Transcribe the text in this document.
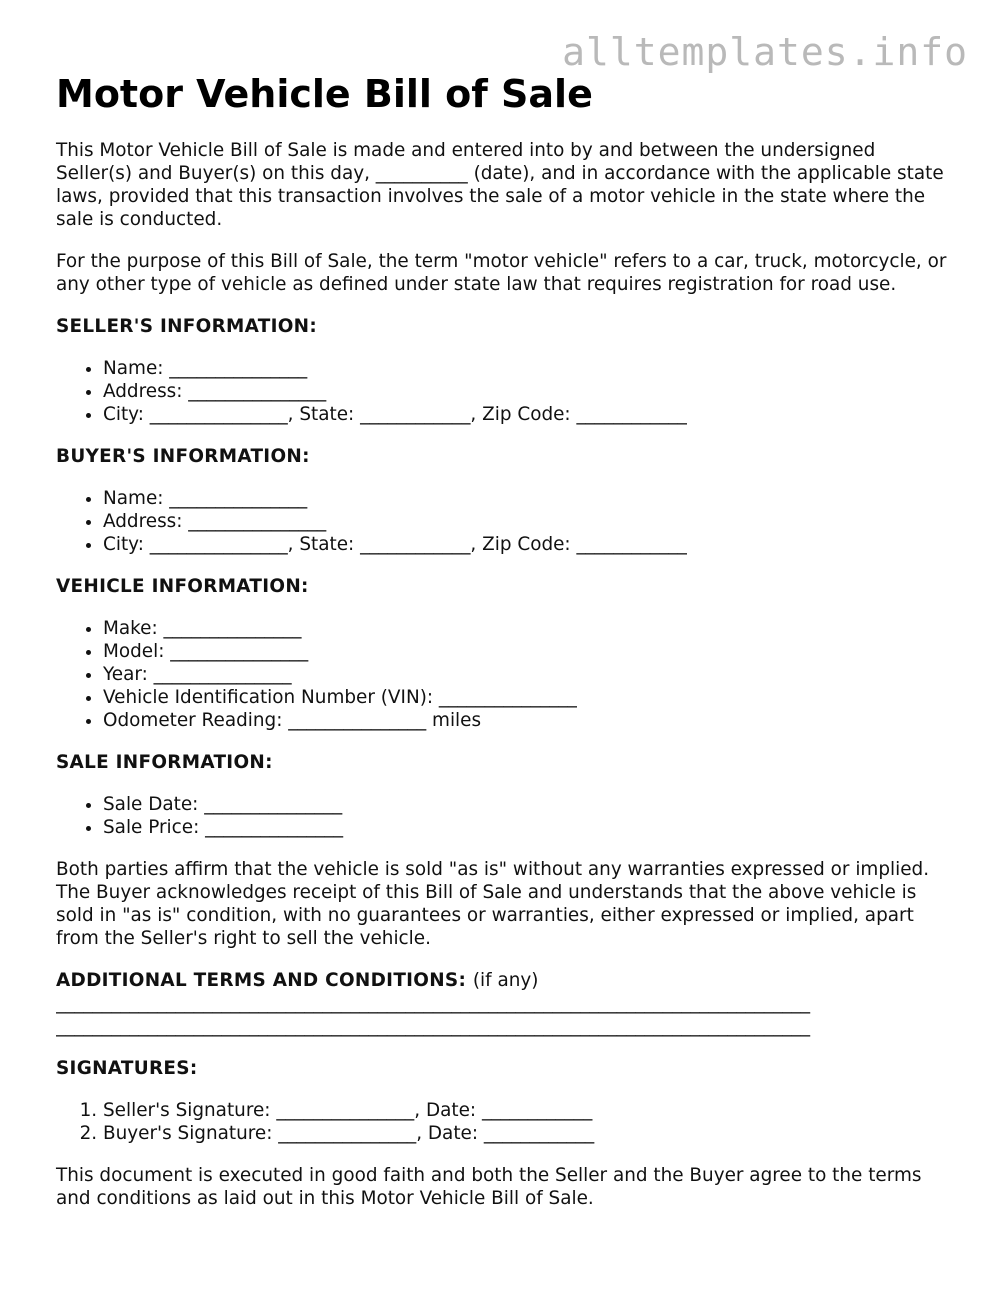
alltemplates.info
Motor Vehicle Bill of Sale

This Motor Vehicle Bill of Sale is made and entered into by and between the undersigned Seller(s) and Buyer(s) on this day, __________ (date), and in accordance with the applicable state laws, provided that this transaction involves the sale of a motor vehicle in the state where the sale is conducted.

For the purpose of this Bill of Sale, the term "motor vehicle" refers to a car, truck, motorcycle, or any other type of vehicle as defined under state law that requires registration for road use.

SELLER'S INFORMATION:
• Name: _______________
• Address: _______________
• City: _______________, State: ____________, Zip Code: ____________
BUYER'S INFORMATION:
• Name: _______________
• Address: _______________
• City: _______________, State: ____________, Zip Code: ____________
VEHICLE INFORMATION:
• Make: _______________
• Model: _______________
• Year: _______________
• Vehicle Identification Number (VIN): _______________
• Odometer Reading: _______________ miles
SALE INFORMATION:
• Sale Date: _______________
• Sale Price: _______________

Both parties affirm that the vehicle is sold "as is" without any warranties expressed or implied. The Buyer acknowledges receipt of this Bill of Sale and understands that the above vehicle is sold in "as is" condition, with no guarantees or warranties, either expressed or implied, apart from the Seller's right to sell the vehicle.

ADDITIONAL TERMS AND CONDITIONS: (if any)
__________________________________________________________________________________
__________________________________________________________________________________
SIGNATURES:
1. Seller's Signature: _______________, Date: ____________
2. Buyer's Signature: _______________, Date: ____________

This document is executed in good faith and both the Seller and the Buyer agree to the terms and conditions as laid out in this Motor Vehicle Bill of Sale.
